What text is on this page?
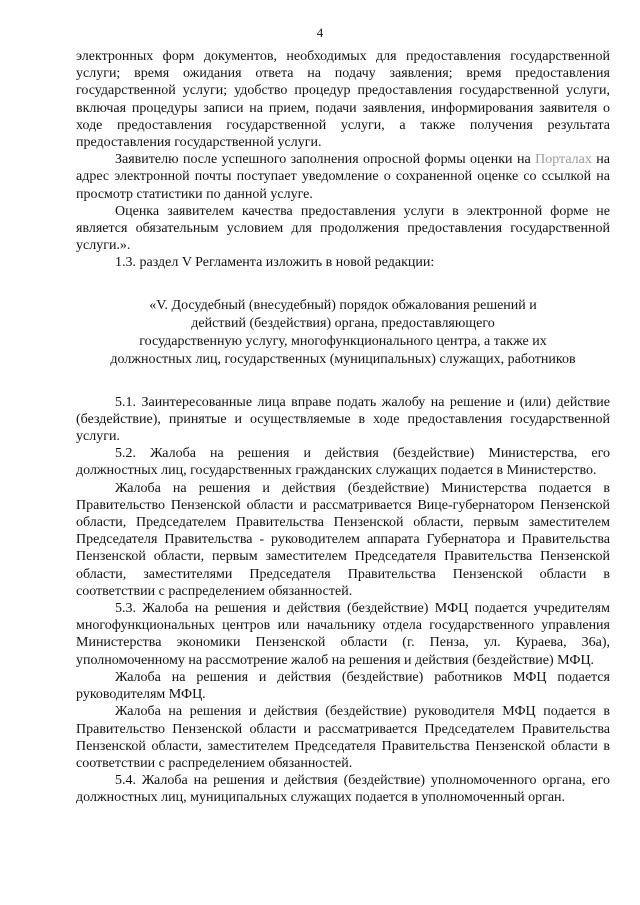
4

электронных форм документов, необходимых для предоставления государственной услуги; время ожидания ответа на подачу заявления; время предоставления государственной услуги; удобство процедур предоставления государственной услуги, включая процедуры записи на прием, подачи заявления, информирования заявителя о ходе предоставления государственной услуги, а также получения результата предоставления государственной услуги.

Заявителю после успешного заполнения опросной формы оценки на Порталах на адрес электронной почты поступает уведомление о сохраненной оценке со ссылкой на просмотр статистики по данной услуге.

Оценка заявителем качества предоставления услуги в электронной форме не является обязательным условием для продолжения предоставления государственной услуги.».

1.3. раздел V Регламента изложить в новой редакции:

«V. Досудебный (внесудебный) порядок обжалования решений и
действий (бездействия) органа, предоставляющего
государственную услугу, многофункционального центра, а также их
должностных лиц, государственных (муниципальных) служащих, работников

5.1. Заинтересованные лица вправе подать жалобу на решение и (или) действие (бездействие), принятые и осуществляемые в ходе предоставления государственной услуги.

5.2. Жалоба на решения и действия (бездействие) Министерства, его должностных лиц, государственных гражданских служащих подается в Министерство.

Жалоба на решения и действия (бездействие) Министерства подается в Правительство Пензенской области и рассматривается Вице-губернатором Пензенской области, Председателем Правительства Пензенской области, первым заместителем Председателя Правительства - руководителем аппарата Губернатора и Правительства Пензенской области, первым заместителем Председателя Правительства Пензенской области, заместителями Председателя Правительства Пензенской области в соответствии с распределением обязанностей.

5.3. Жалоба на решения и действия (бездействие) МФЦ подается учредителям многофункциональных центров или начальнику отдела государственного управления Министерства экономики Пензенской области (г. Пенза, ул. Кураева, 36а), уполномоченному на рассмотрение жалоб на решения и действия (бездействие) МФЦ.

Жалоба на решения и действия (бездействие) работников МФЦ подается руководителям МФЦ.

Жалоба на решения и действия (бездействие) руководителя МФЦ подается в Правительство Пензенской области и рассматривается Председателем Правительства Пензенской области, заместителем Председателя Правительства Пензенской области в соответствии с распределением обязанностей.

5.4. Жалоба на решения и действия (бездействие) уполномоченного органа, его должностных лиц, муниципальных служащих подается в уполномоченный орган.
